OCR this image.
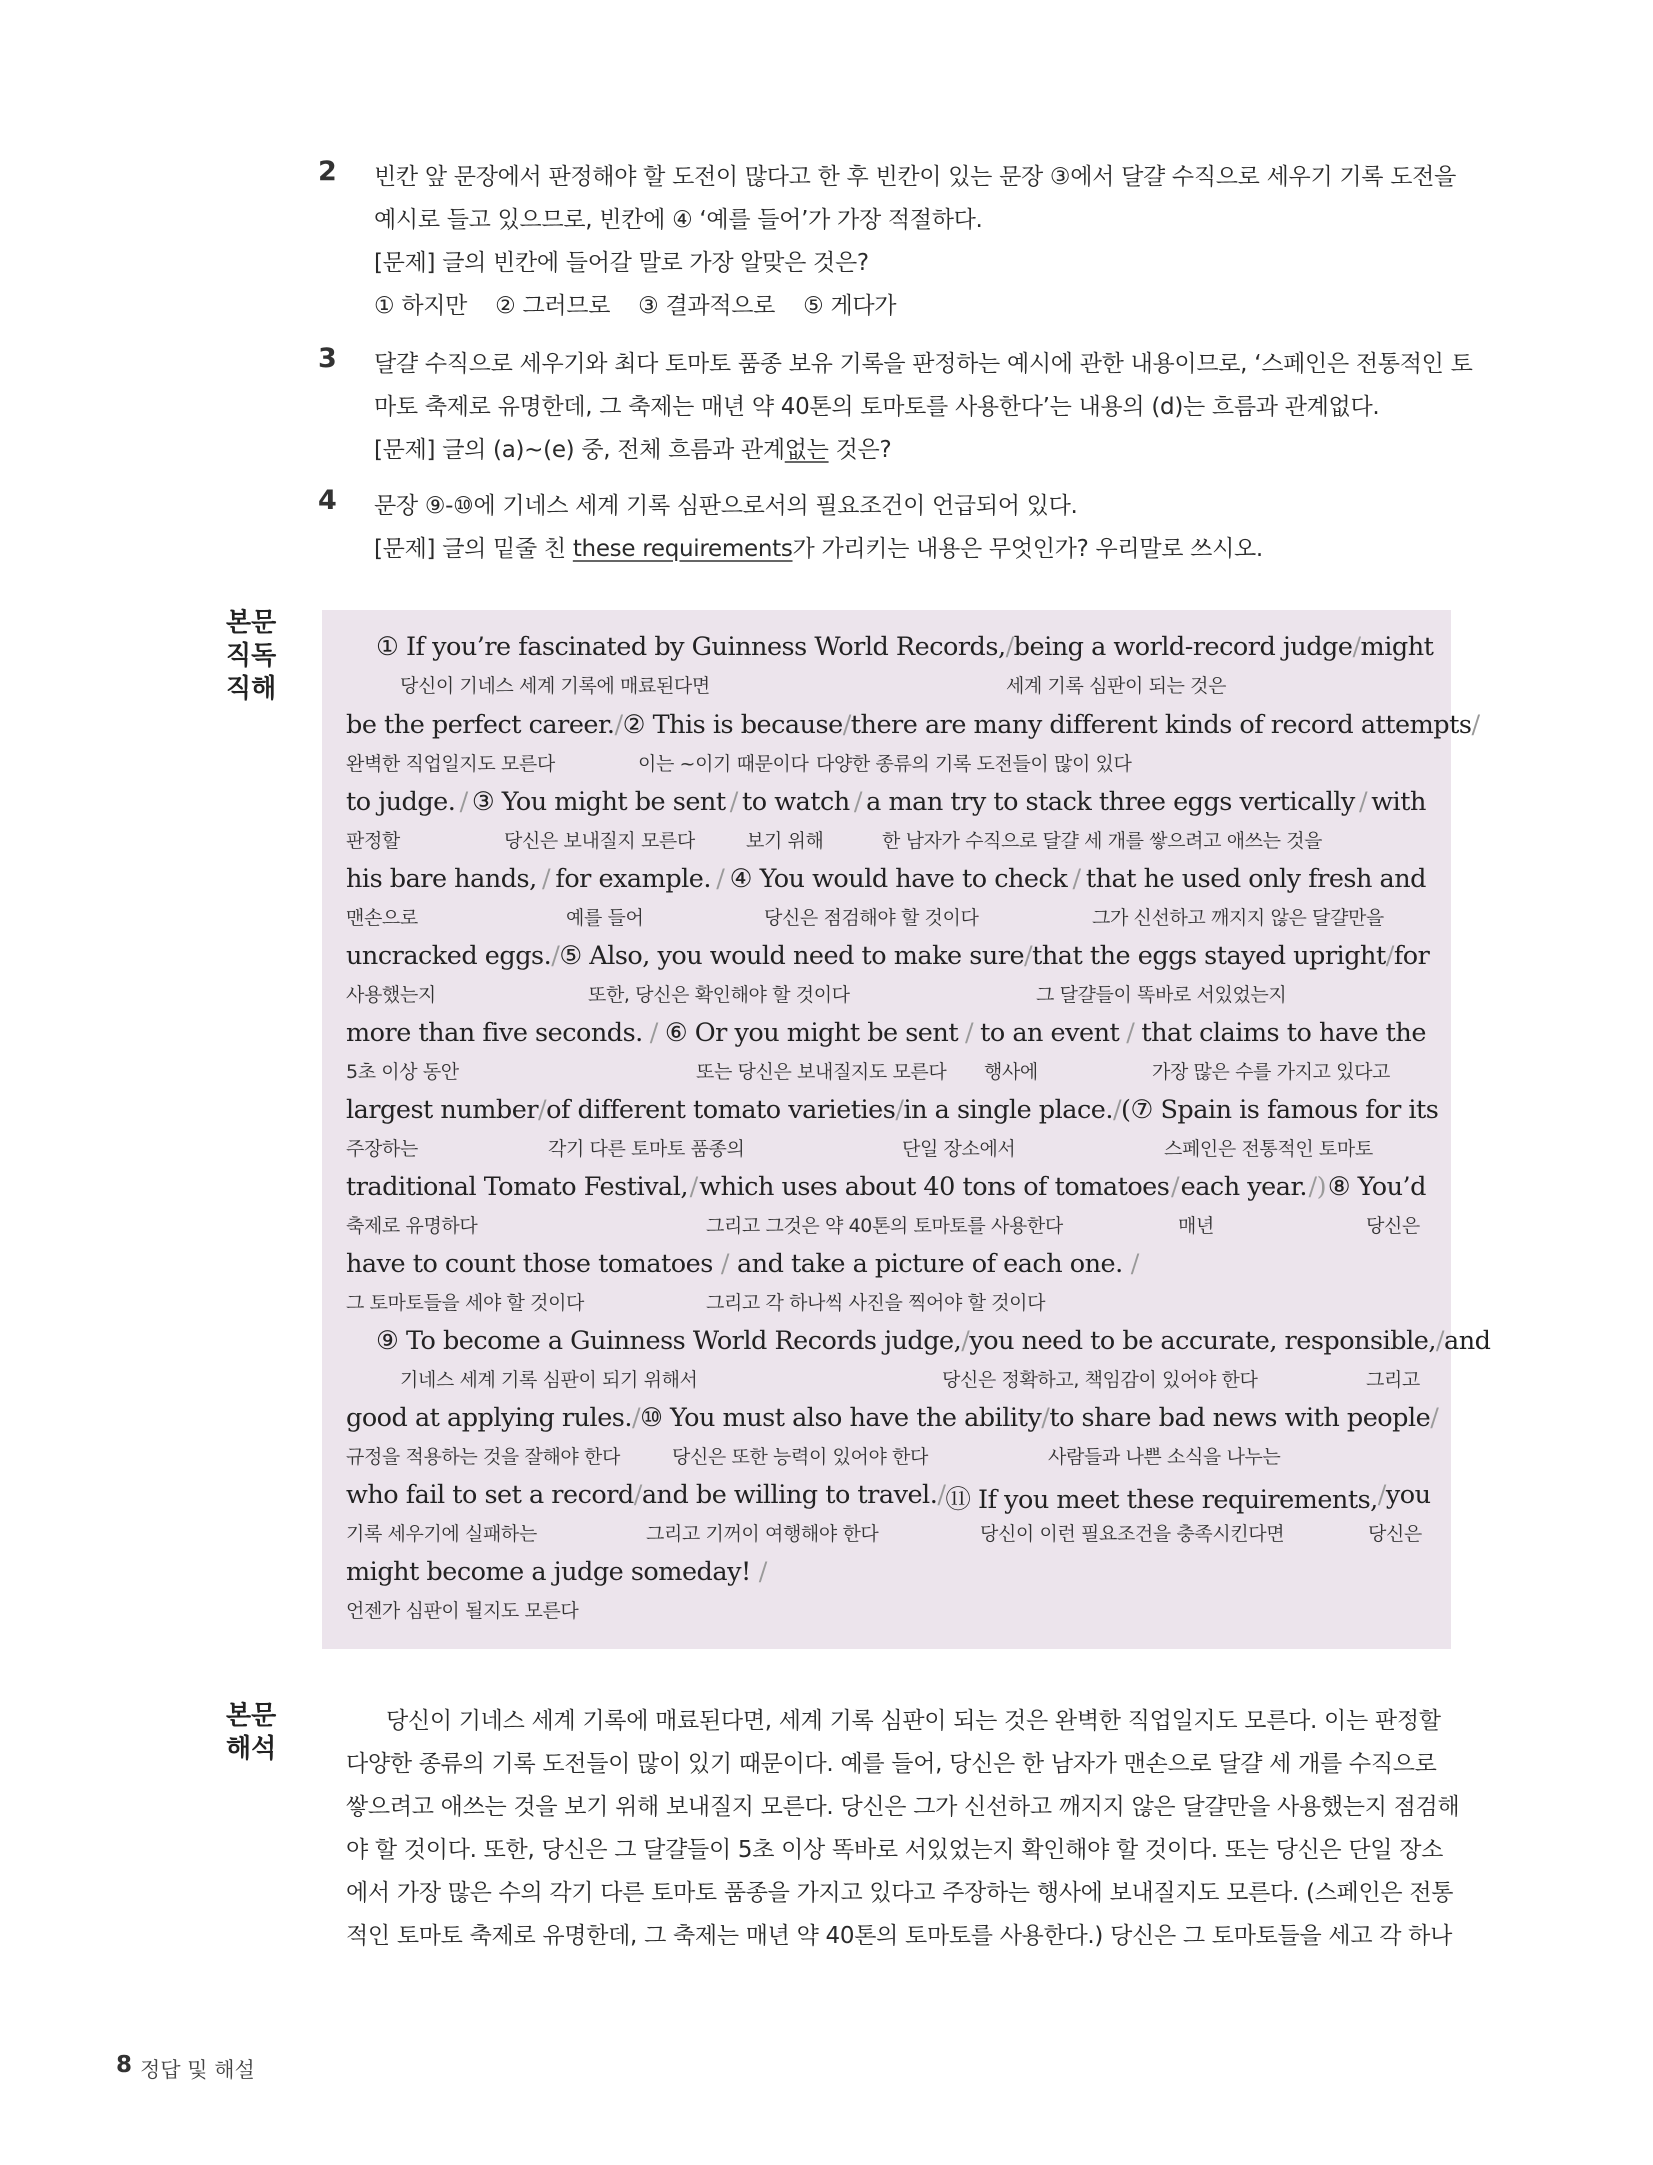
2 빈칸 앞 문장에서 판정해야 할 도전이 많다고 한 후 빈칸이 있는 문장 ③에서 달걀 수직으로 세우기 기록 도전을
예시로 들고 있으므로, 빈칸에 ④ ‘예를 들어’가 가장 적절하다.
[문제] 글의 빈칸에 들어갈 말로 가장 알맞은 것은?
① 하지만    ② 그러므로    ③ 결과적으로    ⑤ 게다가
3 달걀 수직으로 세우기와 최다 토마토 품종 보유 기록을 판정하는 예시에 관한 내용이므로, ‘스페인은 전통적인 토
마토 축제로 유명한데, 그 축제는 매년 약 40톤의 토마토를 사용한다’는 내용의 (d)는 흐름과 관계없다.
[문제] 글의 (a)~(e) 중, 전체 흐름과 관계없는 것은?
4 문장 ⑨-⑩에 기네스 세계 기록 심판으로서의 필요조건이 언급되어 있다.
[문제] 글의 밑줄 친 these requirements가 가리키는 내용은 무엇인가? 우리말로 쓰시오.
본문
직독
직해
① If you’re fascinated by Guinness World Records, / being a world-record judge / might
당신이 기네스 세계 기록에 매료된다면	세계 기록 심판이 되는 것은
be the perfect career. / ② This is because / there are many different kinds of record attempts /
완벽한 직업일지도 모른다	이는 ~이기 때문이다 다양한 종류의 기록 도전들이 많이 있다
to judge. / ③ You might be sent / to watch / a man try to stack three eggs vertically / with
판정할	당신은 보내질지 모른다	보기 위해	한 남자가 수직으로 달걀 세 개를 쌓으려고 애쓰는 것을
his bare hands, / for example. / ④ You would have to check / that he used only fresh and
맨손으로	예를 들어	당신은 점검해야 할 것이다	그가 신선하고 깨지지 않은 달걀만을
uncracked eggs. / ⑤ Also, you would need to make sure / that the eggs stayed upright / for
사용했는지	또한, 당신은 확인해야 할 것이다	그 달걀들이 똑바로 서있었는지
more than five seconds. / ⑥ Or you might be sent / to an event / that claims to have the
5초 이상 동안	또는 당신은 보내질지도 모른다 행사에	가장 많은 수를 가지고 있다고
largest number / of different tomato varieties / in a single place. / (⑦ Spain is famous for its
주장하는	각기 다른 토마토 품종의	단일 장소에서	스페인은 전통적인 토마토
traditional Tomato Festival, / which uses about 40 tons of tomatoes / each year. /) ⑧ You’d
축제로 유명하다	그리고 그것은 약 40톤의 토마토를 사용한다	매년	당신은
have to count those tomatoes / and take a picture of each one. /
그 토마토들을 세야 할 것이다	그리고 각 하나씩 사진을 찍어야 할 것이다
⑨ To become a Guinness World Records judge, / you need to be accurate, responsible, / and
기네스 세계 기록 심판이 되기 위해서	당신은 정확하고, 책임감이 있어야 한다	그리고
good at applying rules. / ⑩ You must also have the ability / to share bad news with people /
규정을 적용하는 것을 잘해야 한다	당신은 또한 능력이 있어야 한다	사람들과 나쁜 소식을 나누는
who fail to set a record / and be willing to travel. / ⑪ If you meet these requirements, / you
기록 세우기에 실패하는	그리고 기꺼이 여행해야 한다	당신이 이런 필요조건을 충족시킨다면	당신은
might become a judge someday! /
언젠가 심판이 될지도 모른다
본문
해석
당신이 기네스 세계 기록에 매료된다면, 세계 기록 심판이 되는 것은 완벽한 직업일지도 모른다. 이는 판정할
다양한 종류의 기록 도전들이 많이 있기 때문이다. 예를 들어, 당신은 한 남자가 맨손으로 달걀 세 개를 수직으로
쌓으려고 애쓰는 것을 보기 위해 보내질지 모른다. 당신은 그가 신선하고 깨지지 않은 달걀만을 사용했는지 점검해
야 할 것이다. 또한, 당신은 그 달걀들이 5초 이상 똑바로 서있었는지 확인해야 할 것이다. 또는 당신은 단일 장소
에서 가장 많은 수의 각기 다른 토마토 품종을 가지고 있다고 주장하는 행사에 보내질지도 모른다. (스페인은 전통
적인 토마토 축제로 유명한데, 그 축제는 매년 약 40톤의 토마토를 사용한다.) 당신은 그 토마토들을 세고 각 하나
8 정답 및 해설
